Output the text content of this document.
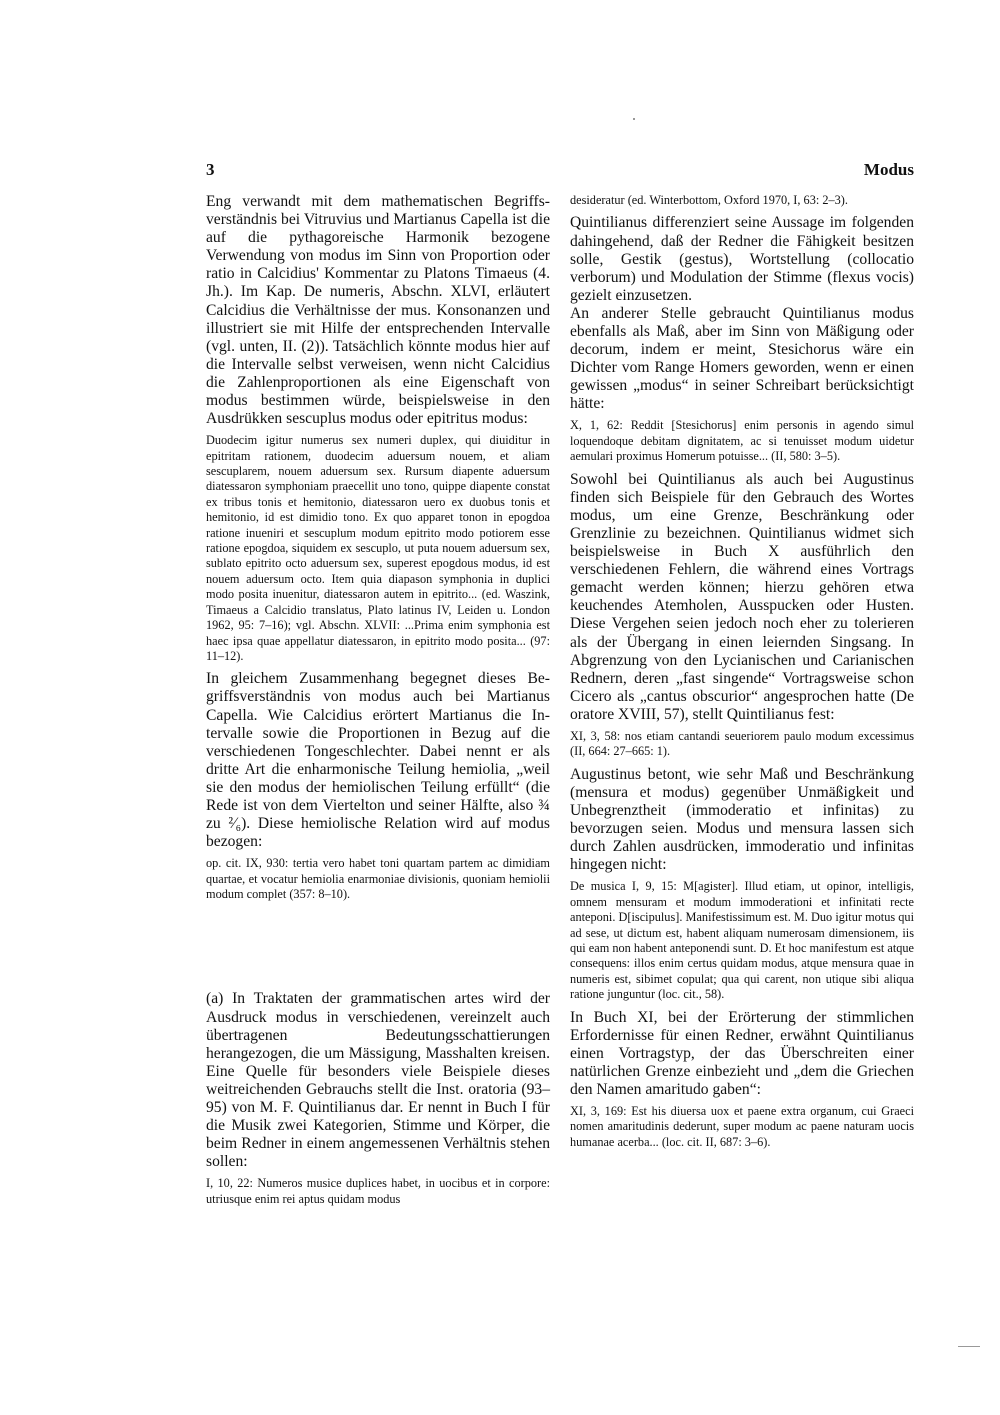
3	Modus

Eng verwandt mit dem mathematischen Begriffsverständnis bei Vitruvius und Martianus Capella ist die auf die pythagoreische Harmonik bezogene Verwendung von modus im Sinn von Proportion oder ratio in Calcidius' Kommentar zu Platons Timaeus (4. Jh.). Im Kap. De numeris, Abschn. XLVI, erläutert Calcidius die Verhältnisse der mus. Konsonanzen und illustriert sie mit Hilfe der entsprechenden Intervalle (vgl. unten, II. (2)). Tatsächlich könnte modus hier auf die Intervalle selbst verweisen, wenn nicht Calcidius die Zahlenproportionen als eine Eigenschaft von modus bestimmen würde, beispielsweise in den Ausdrükken sescuplus modus oder epitritus modus:

Duodecim igitur numerus sex numeri duplex, qui diuiditur in epitritam rationem, duodecim aduersum nouem, et aliam sescuplarem, nouem aduersum sex. Rursum diapente aduersum diatessaron symphoniam praecellit uno tono, quippe diapente constat ex tribus tonis et hemitonio, diatessaron uero ex duobus tonis et hemitonio, id est dimidio tono. Ex quo apparet tonon in epogdoa ratione inueniri et sescuplum modum epitrito modo potiorem esse ratione epogdoa, siquidem ex sescuplo, ut puta nouem aduersum sex, sublato epitrito octo aduersum sex, superest epogdous modus, id est nouem aduersum octo. Item quia diapason symphonia in duplici modo posita inuenitur, diatessaron autem in epitrito... (ed. Waszink, Timaeus a Calcidio translatus, Plato latinus IV, Leiden u. London 1962, 95: 7–16); vgl. Abschn. XLVII: ...Prima enim symphonia est haec ipsa quae appellatur diatessaron, in epitrito modo posita... (97: 11–12).

In gleichem Zusammenhang begegnet dieses Begriffsverständnis von modus auch bei Martianus Capella. Wie Calcidius erörtert Martianus die Intervalle sowie die Proportionen in Bezug auf die verschiedenen Tongeschlechter. Dabei nennt er als dritte Art die enharmonische Teilung hemiolia, „weil sie den modus der hemiolischen Teilung erfüllt“ (die Rede ist von dem Viertelton und seiner Hälfte, also ¾ zu ²⁄₆). Diese hemiolische Relation wird auf modus bezogen:

op. cit. IX, 930: tertia vero habet toni quartam partem ac dimidiam quartae, et vocatur hemiolia enarmoniae divisionis, quoniam hemiolii modum complet (357: 8–10).

(a) In Traktaten der grammatischen artes wird der Ausdruck modus in verschiedenen, vereinzelt auch übertragenen Bedeutungsschattierungen herangezogen, die um Mässigung, Masshalten kreisen. Eine Quelle für besonders viele Beispiele dieses weitreichenden Gebrauchs stellt die Inst. oratoria (93–95) von M. F. Quintilianus dar. Er nennt in Buch I für die Musik zwei Kategorien, Stimme und Körper, die beim Redner in einem angemessenen Verhältnis stehen sollen:

I, 10, 22: Numeros musice duplices habet, in uocibus et in corpore: utriusque enim rei aptus quidam modus

desideratur (ed. Winterbottom, Oxford 1970, I, 63: 2–3).

Quintilianus differenziert seine Aussage im folgenden dahingehend, daß der Redner die Fähigkeit besitzen solle, Gestik (gestus), Wortstellung (collocatio verborum) und Modulation der Stimme (flexus vocis) gezielt einzusetzen.

An anderer Stelle gebraucht Quintilianus modus ebenfalls als Maß, aber im Sinn von Mäßigung oder decorum, indem er meint, Stesichorus wäre ein Dichter vom Range Homers geworden, wenn er einen gewissen „modus“ in seiner Schreibart berücksichtigt hätte:

X, 1, 62: Reddit [Stesichorus] enim personis in agendo simul loquendoque debitam dignitatem, ac si tenuisset modum uidetur aemulari proximus Homerum potuisse... (II, 580: 3–5).

Sowohl bei Quintilianus als auch bei Augustinus finden sich Beispiele für den Gebrauch des Wortes modus, um eine Grenze, Beschränkung oder Grenzlinie zu bezeichnen. Quintilianus widmet sich beispielsweise in Buch X ausführlich den verschiedenen Fehlern, die während eines Vortrags gemacht werden können; hierzu gehören etwa keuchendes Atemholen, Ausspucken oder Husten. Diese Vergehen seien jedoch noch eher zu tolerieren als der Übergang in einen leiernden Singsang. In Abgrenzung von den Lycianischen und Carianischen Rednern, deren „fast singende“ Vortragsweise schon Cicero als „cantus obscurior“ angesprochen hatte (De oratore XVIII, 57), stellt Quintilianus fest:

XI, 3, 58: nos etiam cantandi seueriorem paulo modum excessimus (II, 664: 27–665: 1).

Augustinus betont, wie sehr Maß und Beschränkung (mensura et modus) gegenüber Unmäßigkeit und Unbegrenztheit (immoderatio et infinitas) zu bevorzugen seien. Modus und mensura lassen sich durch Zahlen ausdrücken, immoderatio und infinitas hingegen nicht:

De musica I, 9, 15: M[agister]. Illud etiam, ut opinor, intelligis, omnem mensuram et modum immoderationi et infinitati recte anteponi. D[iscipulus]. Manifestissimum est. M. Duo igitur motus qui ad sese, ut dictum est, habent aliquam numerosam dimensionem, iis qui eam non habent anteponendi sunt. D. Et hoc manifestum est atque consequens: illos enim certus quidam modus, atque mensura quae in numeris est, sibimet copulat; qua qui carent, non utique sibi aliqua ratione junguntur (loc. cit., 58).

In Buch XI, bei der Erörterung der stimmlichen Erfordernisse für einen Redner, erwähnt Quintilianus einen Vortragstyp, der das Überschreiten einer natürlichen Grenze einbezieht und „dem die Griechen den Namen amaritudo gaben“:

XI, 3, 169: Est his diuersa uox et paene extra organum, cui Graeci nomen amaritudinis dederunt, super modum ac paene naturam uocis humanae acerba... (loc. cit. II, 687: 3–6).
